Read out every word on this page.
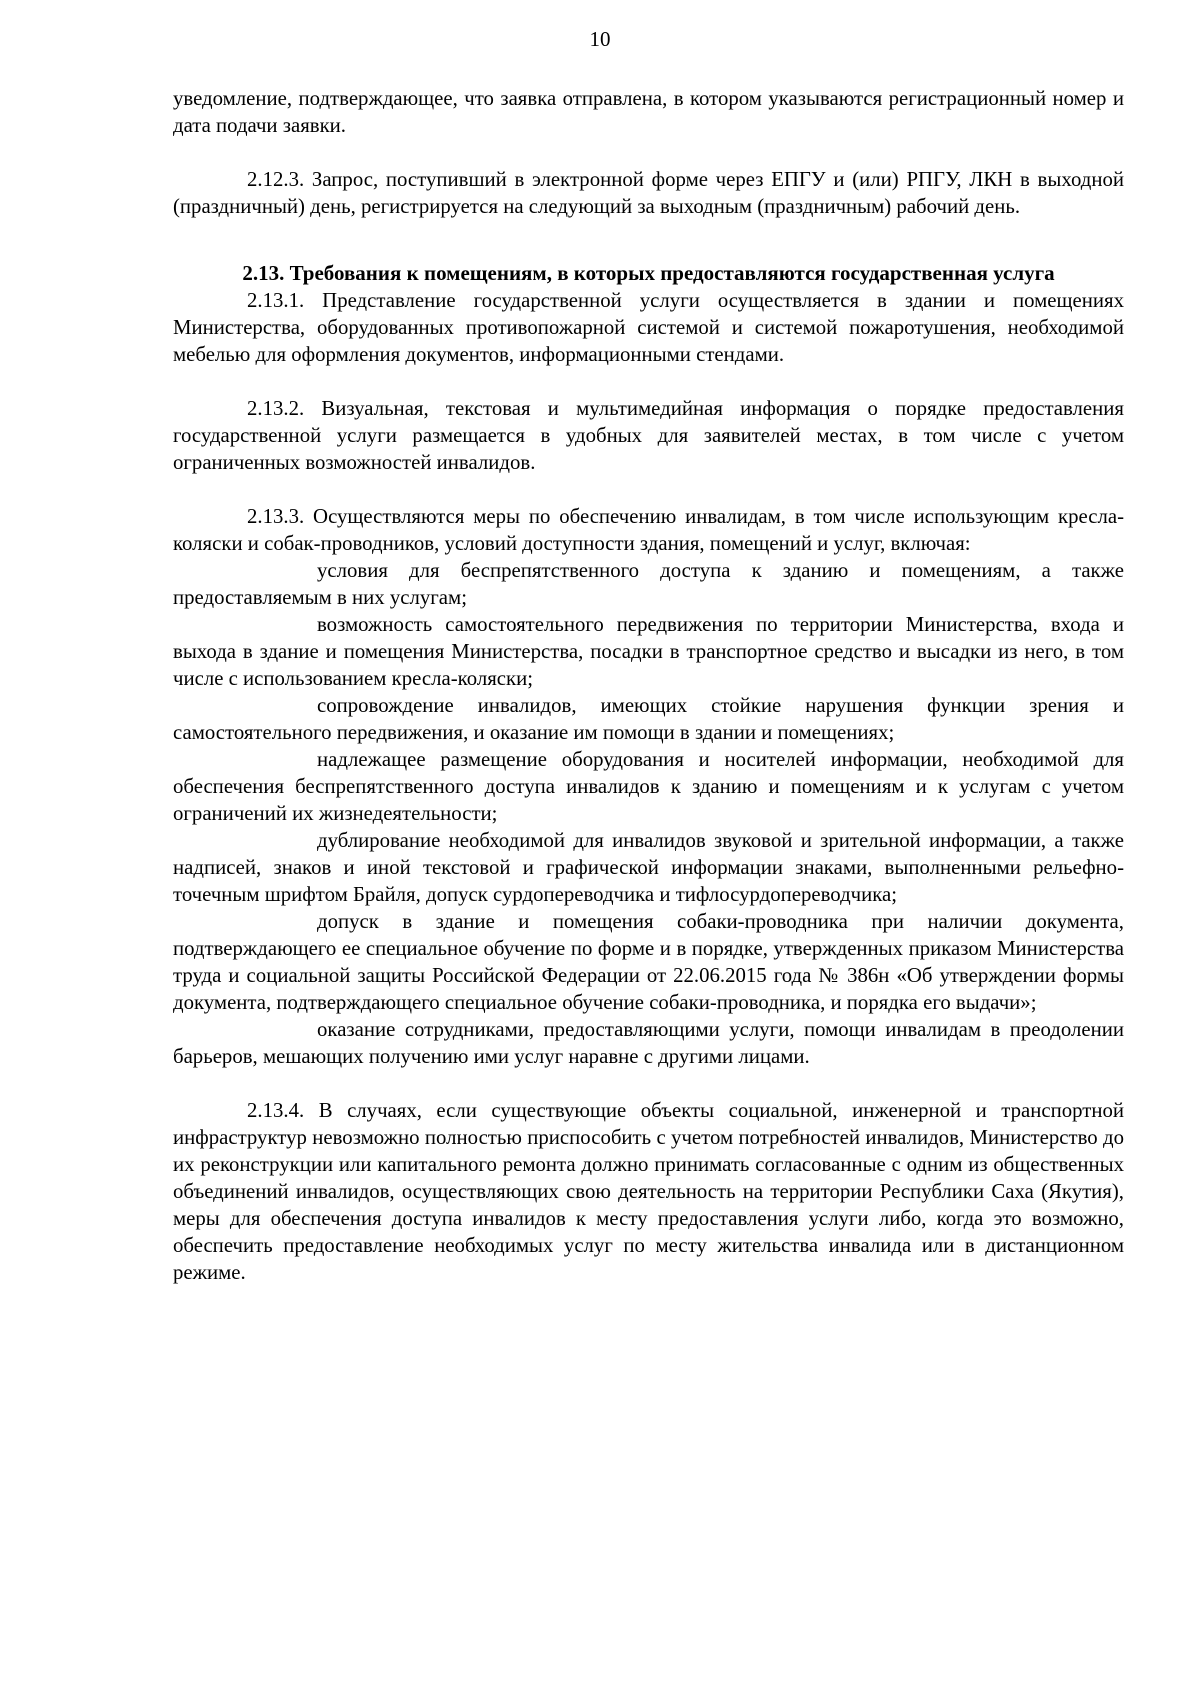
10

уведомление, подтверждающее, что заявка отправлена, в котором указываются регистрационный номер и дата подачи заявки.

2.12.3. Запрос, поступивший в электронной форме через ЕПГУ и (или) РПГУ, ЛКН в выходной (праздничный) день, регистрируется на следующий за выходным (праздничным) рабочий день.

2.13. Требования к помещениям, в которых предоставляются государственная услуга

2.13.1. Представление государственной услуги осуществляется в здании и помещениях Министерства, оборудованных противопожарной системой и системой пожаротушения, необходимой мебелью для оформления документов, информационными стендами.

2.13.2. Визуальная, текстовая и мультимедийная информация о порядке предоставления государственной услуги размещается в удобных для заявителей местах, в том числе с учетом ограниченных возможностей инвалидов.

2.13.3. Осуществляются меры по обеспечению инвалидам, в том числе использующим кресла-коляски и собак-проводников, условий доступности здания, помещений и услуг, включая:

условия для беспрепятственного доступа к зданию и помещениям, а также предоставляемым в них услугам;

возможность самостоятельного передвижения по территории Министерства, входа и выхода в здание и помещения Министерства, посадки в транспортное средство и высадки из него, в том числе с использованием кресла-коляски;

сопровождение инвалидов, имеющих стойкие нарушения функции зрения и самостоятельного передвижения, и оказание им помощи в здании и помещениях;

надлежащее размещение оборудования и носителей информации, необходимой для обеспечения беспрепятственного доступа инвалидов к зданию и помещениям и к услугам с учетом ограничений их жизнедеятельности;

дублирование необходимой для инвалидов звуковой и зрительной информации, а также надписей, знаков и иной текстовой и графической информации знаками, выполненными рельефно-точечным шрифтом Брайля, допуск сурдопереводчика и тифлосурдопереводчика;

допуск в здание и помещения собаки-проводника при наличии документа, подтверждающего ее специальное обучение по форме и в порядке, утвержденных приказом Министерства труда и социальной защиты Российской Федерации от 22.06.2015 года № 386н «Об утверждении формы документа, подтверждающего специальное обучение собаки-проводника, и порядка его выдачи»;

оказание сотрудниками, предоставляющими услуги, помощи инвалидам в преодолении барьеров, мешающих получению ими услуг наравне с другими лицами.

2.13.4. В случаях, если существующие объекты социальной, инженерной и транспортной инфраструктур невозможно полностью приспособить с учетом потребностей инвалидов, Министерство до их реконструкции или капитального ремонта должно принимать согласованные с одним из общественных объединений инвалидов, осуществляющих свою деятельность на территории Республики Саха (Якутия), меры для обеспечения доступа инвалидов к месту предоставления услуги либо, когда это возможно, обеспечить предоставление необходимых услуг по месту жительства инвалида или в дистанционном режиме.
